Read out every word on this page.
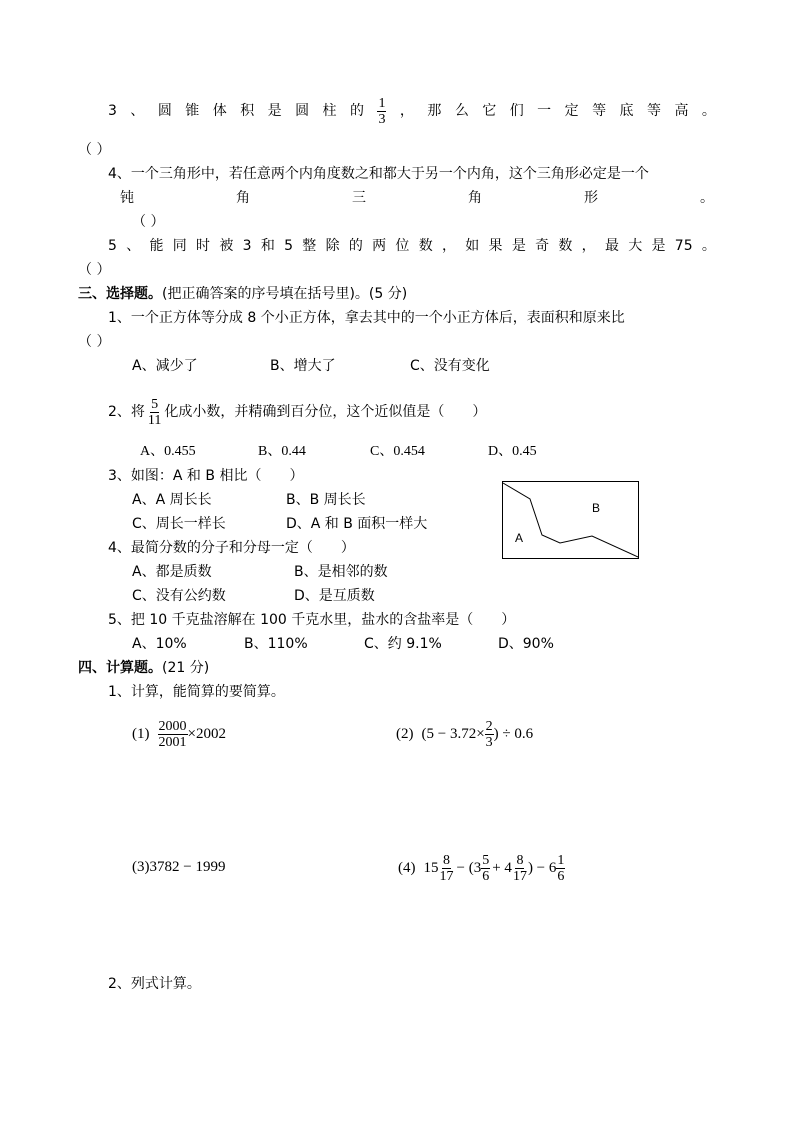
3 、 圆 锥 体 积 是 圆 柱 的 $\frac{1}{3}$ ， 那 么 它 们 一 定 等 底 等 高 。
（ ）
4、一个三角形中，若任意两个内角度数之和都大于另一个内角，这个三角形必定是一个
钝	角	三	角	形	。
（ ）
5 、 能 同 时 被 3 和 5 整 除 的 两 位 数 ， 如 果 是 奇 数 ， 最 大 是 75 。
（ ）
三、选择题。(把正确答案的序号填在括号里)。(5 分)
1、一个正方体等分成 8 个小正方体，拿去其中的一个小正方体后，表面积和原来比
（ ）
A、减少了	B、增大了	C、没有变化
2、将 $\frac{5}{11}$ 化成小数，并精确到百分位，这个近似值是（　　）
A、0.455	B、0.44	C、0.454	D、0.45
3、如图：A 和 B 相比（　　）
A、A 周长长	B、B 周长长
C、周长一样长	D、A 和 B 面积一样大
B
A
4、最简分数的分子和分母一定（　　）
A、都是质数	B、是相邻的数
C、没有公约数	D、是互质数
5、把 10 千克盐溶解在 100 千克水里，盐水的含盐率是（　　）
A、10%	B、110%	C、约 9.1%	D、90%
四、计算题。(21 分)
1、计算，能简算的要简算。
$(1) \frac{2000}{2001} \times 2002$	(2) ($5 - 3.72\times \frac{2}{3}$ ) ÷ 0.6
(3)3782 − 1999	(4) $15 \frac{8}{17} - (3 \frac{5}{6} + 4 \frac{8}{17}$ ) − $6 \frac{1}{6}$
2、列式计算。
